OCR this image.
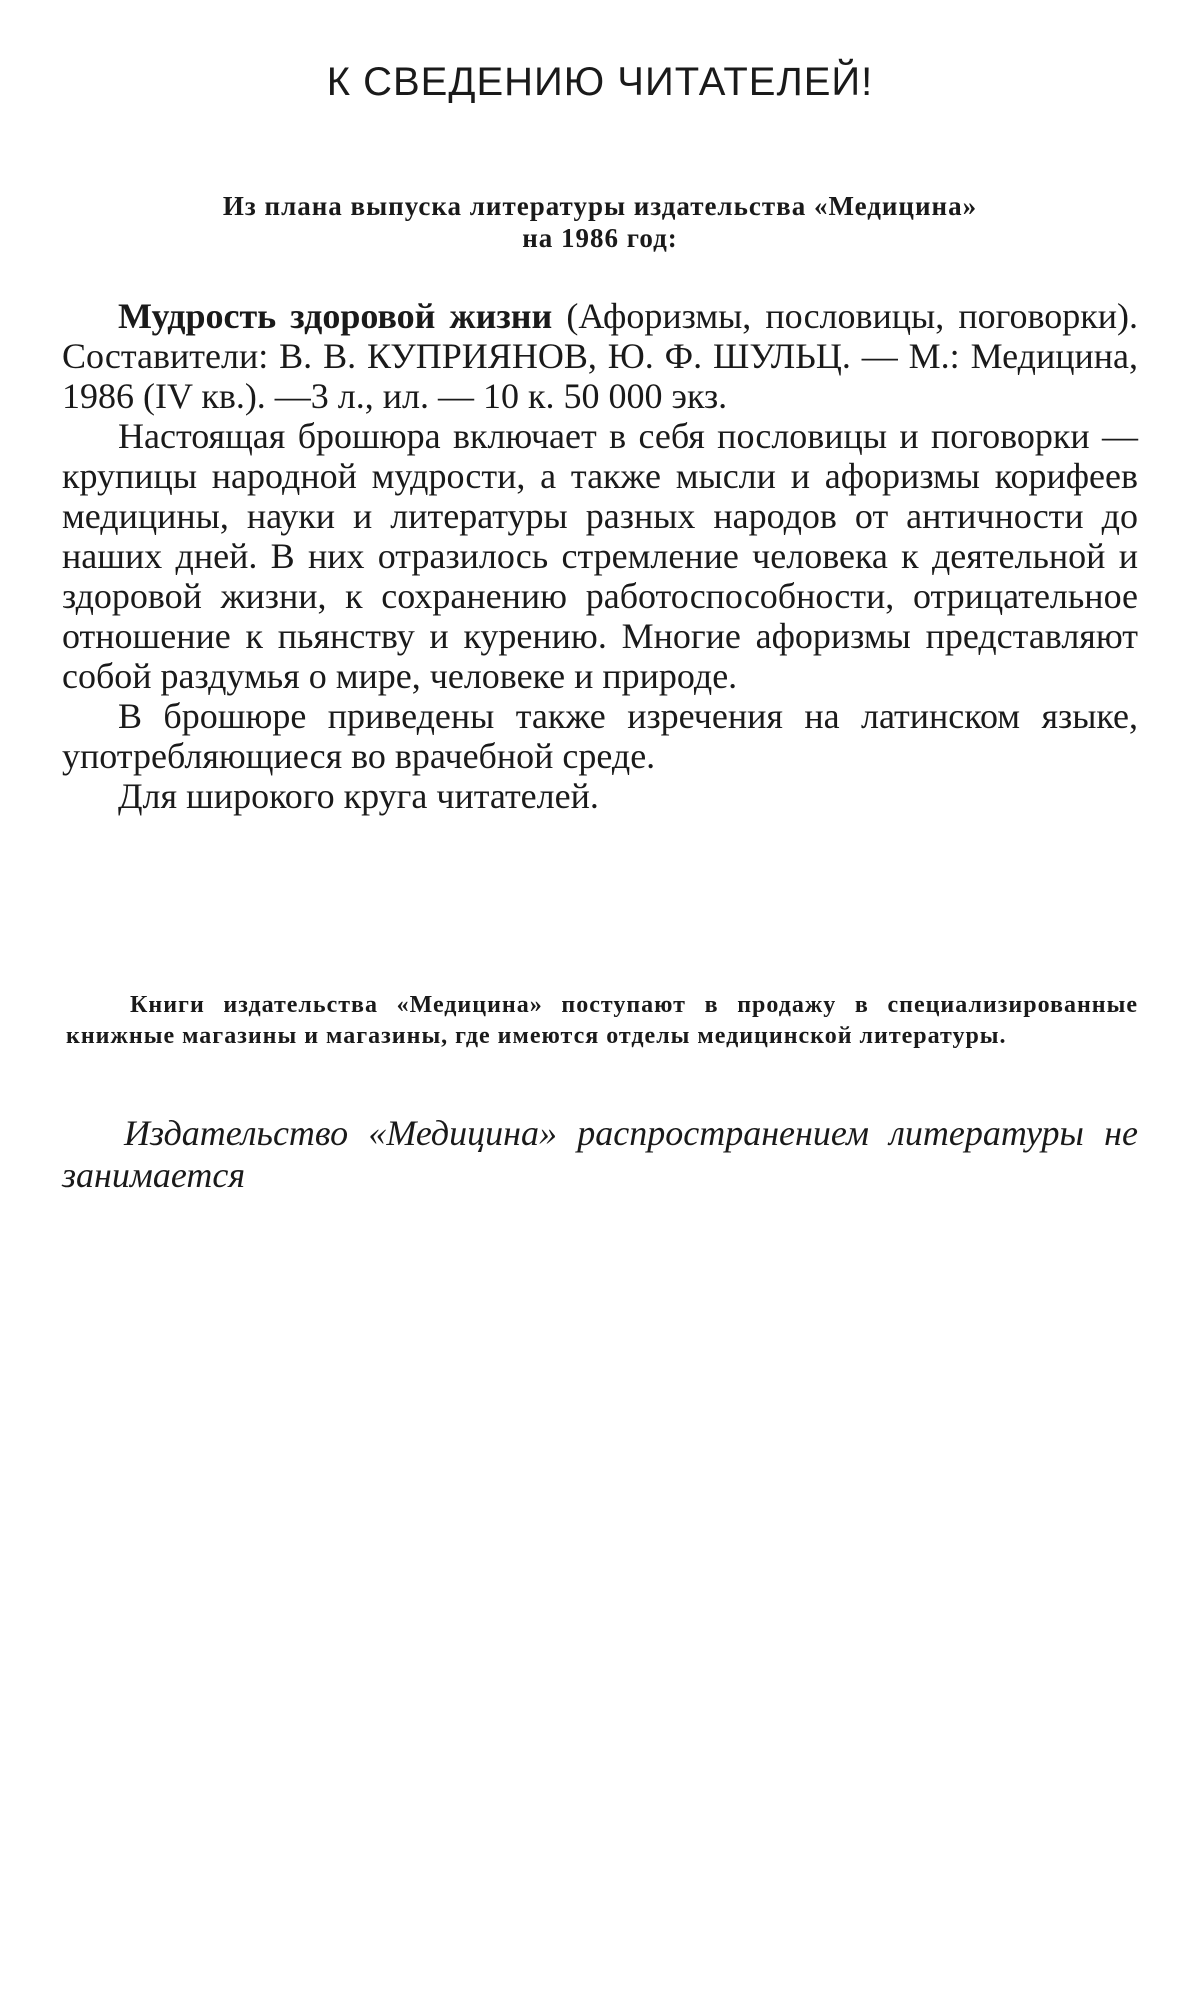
К СВЕДЕНИЮ ЧИТАТЕЛЕЙ!
Из плана выпуска литературы издательства «Медицина»
на 1986 год:

Мудрость здоровой жизни (Афоризмы, пословицы, поговорки). Составители: В. В. КУПРИЯНОВ, Ю. Ф. ШУЛЬЦ. — М.: Медицина, 1986 (IV кв.). —3 л., ил. — 10 к. 50 000 экз.

Настоящая брошюра включает в себя пословицы и поговорки — крупицы народной мудрости, а также мысли и афоризмы корифеев медицины, науки и литературы разных народов от античности до наших дней. В них отразилось стремление человека к деятельной и здоровой жизни, к сохранению работоспособности, отрицательное отношение к пьянству и курению. Многие афоризмы представляют собой раздумья о мире, человеке и природе.

В брошюре приведены также изречения на латинском языке, употребляющиеся во врачебной среде.

Для широкого круга читателей.

Книги издательства «Медицина» поступают в продажу в специализированные книжные магазины и магазины, где имеются отделы медицинской литературы.
Издательство «Медицина» распространением литературы не занимается
